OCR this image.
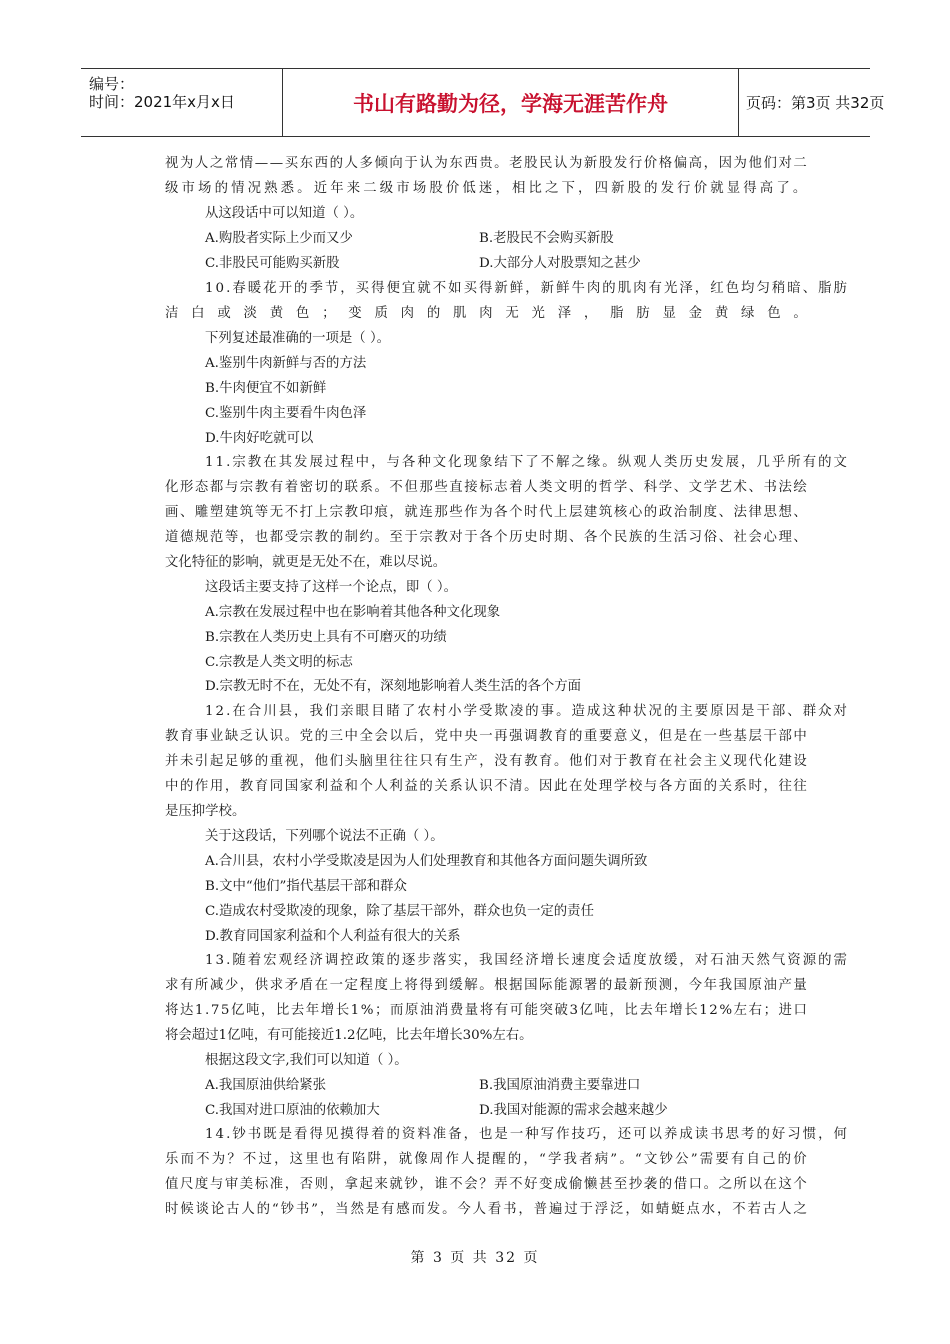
编号：
时间：2021年x月x日	书山有路勤为径，学海无涯苦作舟	页码：第3页 共32页
视为人之常情——买东西的人多倾向于认为东西贵。老股民认为新股发行价格偏高，因为他们对二
级市场的情况熟悉。近年来二级市场股价低迷，相比之下，四新股的发行价就显得高了。
从这段话中可以知道（ ）。
A.购股者实际上少而又少	B.老股民不会购买新股
C.非股民可能购买新股	D.大部分人对股票知之甚少
10.春暖花开的季节，买得便宜就不如买得新鲜，新鲜牛肉的肌肉有光泽，红色均匀稍暗、脂肪
洁白或淡黄色；变质肉的肌肉无光泽，脂肪显金黄绿色。
下列复述最准确的一项是（ ）。
A.鉴别牛肉新鲜与否的方法
B.牛肉便宜不如新鲜
C.鉴别牛肉主要看牛肉色泽
D.牛肉好吃就可以
11.宗教在其发展过程中，与各种文化现象结下了不解之缘。纵观人类历史发展，几乎所有的文
化形态都与宗教有着密切的联系。不但那些直接标志着人类文明的哲学、科学、文学艺术、书法绘
画、雕塑建筑等无不打上宗教印痕，就连那些作为各个时代上层建筑核心的政治制度、法律思想、
道德规范等，也都受宗教的制约。至于宗教对于各个历史时期、各个民族的生活习俗、社会心理、
文化特征的影响，就更是无处不在，难以尽说。
这段话主要支持了这样一个论点，即（ ）。
A.宗教在发展过程中也在影响着其他各种文化现象
B.宗教在人类历史上具有不可磨灭的功绩
C.宗教是人类文明的标志
D.宗教无时不在，无处不有，深刻地影响着人类生活的各个方面
12.在合川县，我们亲眼目睹了农村小学受欺凌的事。造成这种状况的主要原因是干部、群众对
教育事业缺乏认识。党的三中全会以后，党中央一再强调教育的重要意义，但是在一些基层干部中
并未引起足够的重视，他们头脑里往往只有生产，没有教育。他们对于教育在社会主义现代化建设
中的作用，教育同国家利益和个人利益的关系认识不清。因此在处理学校与各方面的关系时，往往
是压抑学校。
关于这段话，下列哪个说法不正确（ ）。
A.合川县，农村小学受欺凌是因为人们处理教育和其他各方面问题失调所致
B.文中“他们”指代基层干部和群众
C.造成农村受欺凌的现象，除了基层干部外，群众也负一定的责任
D.教育同国家利益和个人利益有很大的关系
13.随着宏观经济调控政策的逐步落实，我国经济增长速度会适度放缓，对石油天然气资源的需
求有所减少，供求矛盾在一定程度上将得到缓解。根据国际能源署的最新预测，今年我国原油产量
将达1.75亿吨，比去年增长1%；而原油消费量将有可能突破3亿吨，比去年增长12%左右；进口
将会超过1亿吨，有可能接近1.2亿吨，比去年增长30%左右。
根据这段文字,我们可以知道（ ）。
A.我国原油供给紧张	B.我国原油消费主要靠进口
C.我国对进口原油的依赖加大	D.我国对能源的需求会越来越少
14.钞书既是看得见摸得着的资料准备，也是一种写作技巧，还可以养成读书思考的好习惯，何
乐而不为？不过，这里也有陷阱，就像周作人提醒的，“学我者病”。“文钞公”需要有自己的价
值尺度与审美标准，否则，拿起来就钞，谁不会？弄不好变成偷懒甚至抄袭的借口。之所以在这个
时候谈论古人的“钞书”，当然是有感而发。今人看书，普遍过于浮泛，如蜻蜓点水，不若古人之
第 3 页 共 32 页
